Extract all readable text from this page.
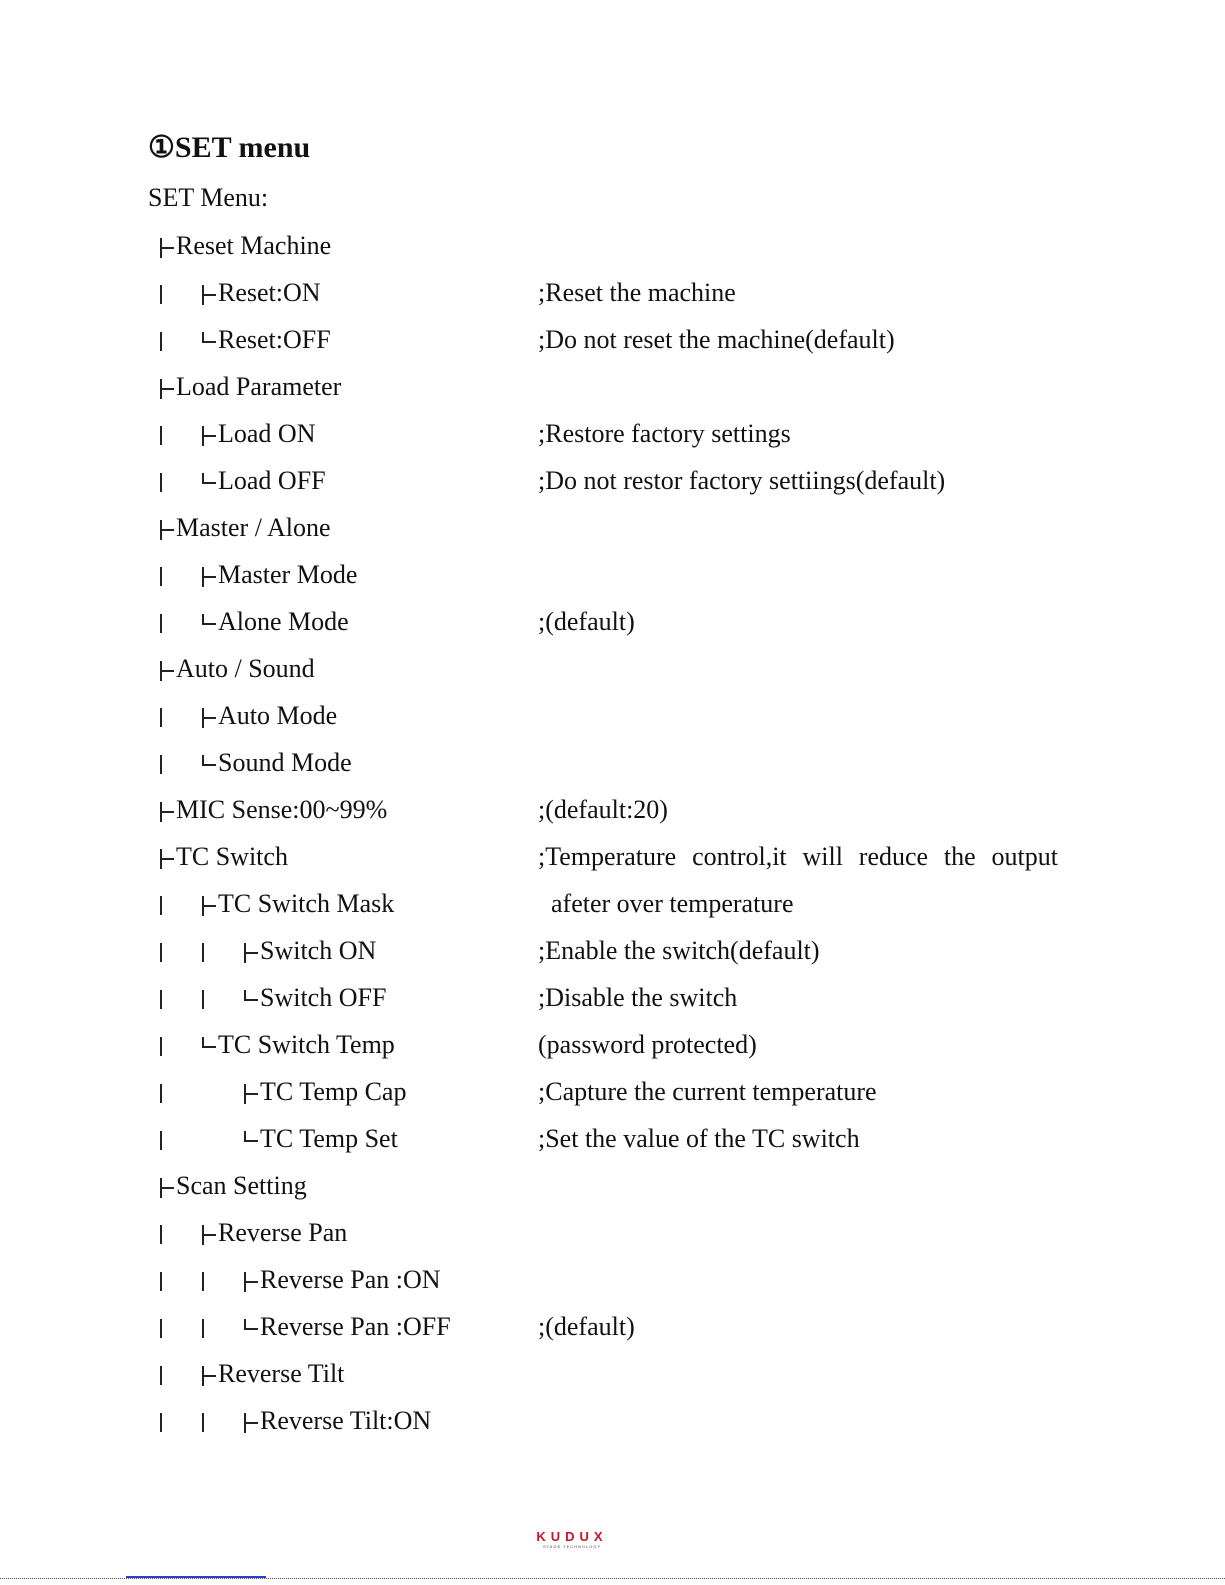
①SET menu
SET Menu:
Reset Machine
Reset:ON	;Reset the machine
Reset:OFF	;Do not reset the machine(default)
Load Parameter
Load ON	;Restore factory settings
Load OFF	;Do not restor factory settiings(default)
Master / Alone
Master Mode
Alone Mode	;(default)
Auto / Sound
Auto Mode
Sound Mode
MIC Sense:00~99%	;(default:20)
TC Switch	;Temperature control,it will reduce the output
TC Switch Mask	afeter over temperature
Switch ON	;Enable the switch(default)
Switch OFF	;Disable the switch
TC Switch Temp	(password protected)
TC Temp Cap	;Capture the current temperature
TC Temp Set	;Set the value of the TC switch
Scan Setting
Reverse Pan
Reverse Pan :ON
Reverse Pan :OFF	;(default)
Reverse Tilt
Reverse Tilt:ON
KUDUX
STAGE TECHNOLOGY
